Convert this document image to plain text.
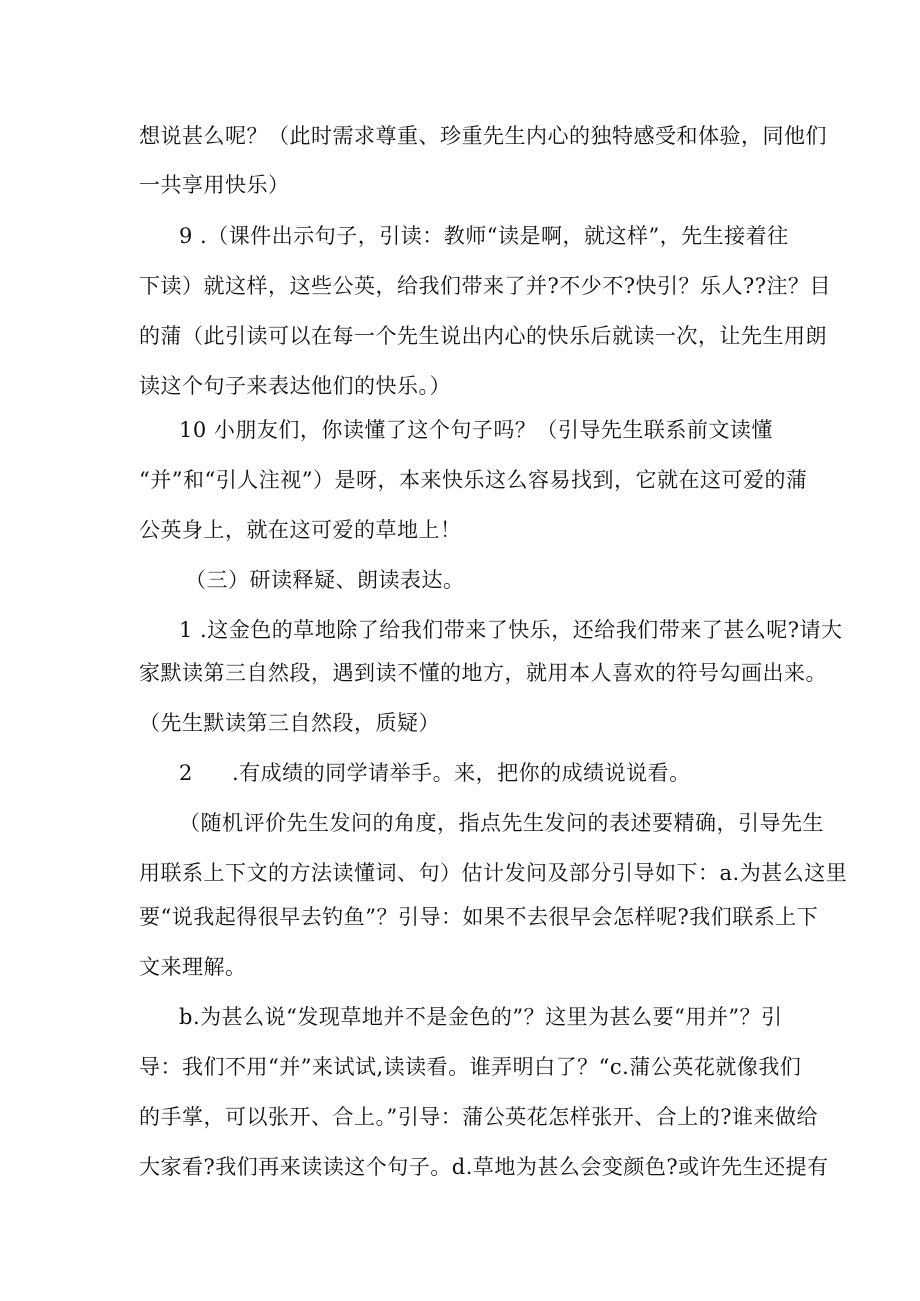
想说甚么呢？（此时需求尊重、珍重先生内心的独特感受和体验，同他们
一共享用快乐）
9 .（课件出示句子，引读：教师“读是啊，就这样”，先生接着往
下读）就这样，这些公英，给我们带来了并?不少不?快引？乐人??注？目
的蒲（此引读可以在每一个先生说出内心的快乐后就读一次，让先生用朗
读这个句子来表达他们的快乐。）
10 小朋友们，你读懂了这个句子吗？（引导先生联系前文读懂
“并”和“引人注视”）是呀，本来快乐这么容易找到，它就在这可爱的蒲
公英身上，就在这可爱的草地上！
（三）研读释疑、朗读表达。
1 .这金色的草地除了给我们带来了快乐，还给我们带来了甚么呢?请大
家默读第三自然段，遇到读不懂的地方，就用本人喜欢的符号勾画出来。
（先生默读第三自然段，质疑）
2 .有成绩的同学请举手。来，把你的成绩说说看。
（随机评价先生发问的角度，指点先生发问的表述要精确，引导先生
用联系上下文的方法读懂词、句）估计发问及部分引导如下：a.为甚么这里
要“说我起得很早去钓鱼”？引导：如果不去很早会怎样呢?我们联系上下
文来理解。
b.为甚么说“发现草地并不是金色的”？这里为甚么要“用并”？引
导：我们不用“并”来试试,读读看。谁弄明白了？“c.蒲公英花就像我们
的手掌，可以张开、合上。”引导：蒲公英花怎样张开、合上的?谁来做给
大家看?我们再来读读这个句子。d.草地为甚么会变颜色?或许先生还提有
